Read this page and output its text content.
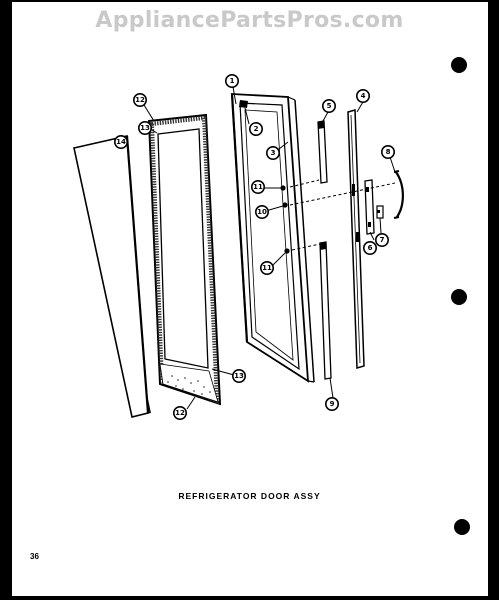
AppliancePartsPros.com
1
2
3
4
5
6
7
8
9
10
11
11
12
12
13
13
14
REFRIGERATOR DOOR ASSY
36
